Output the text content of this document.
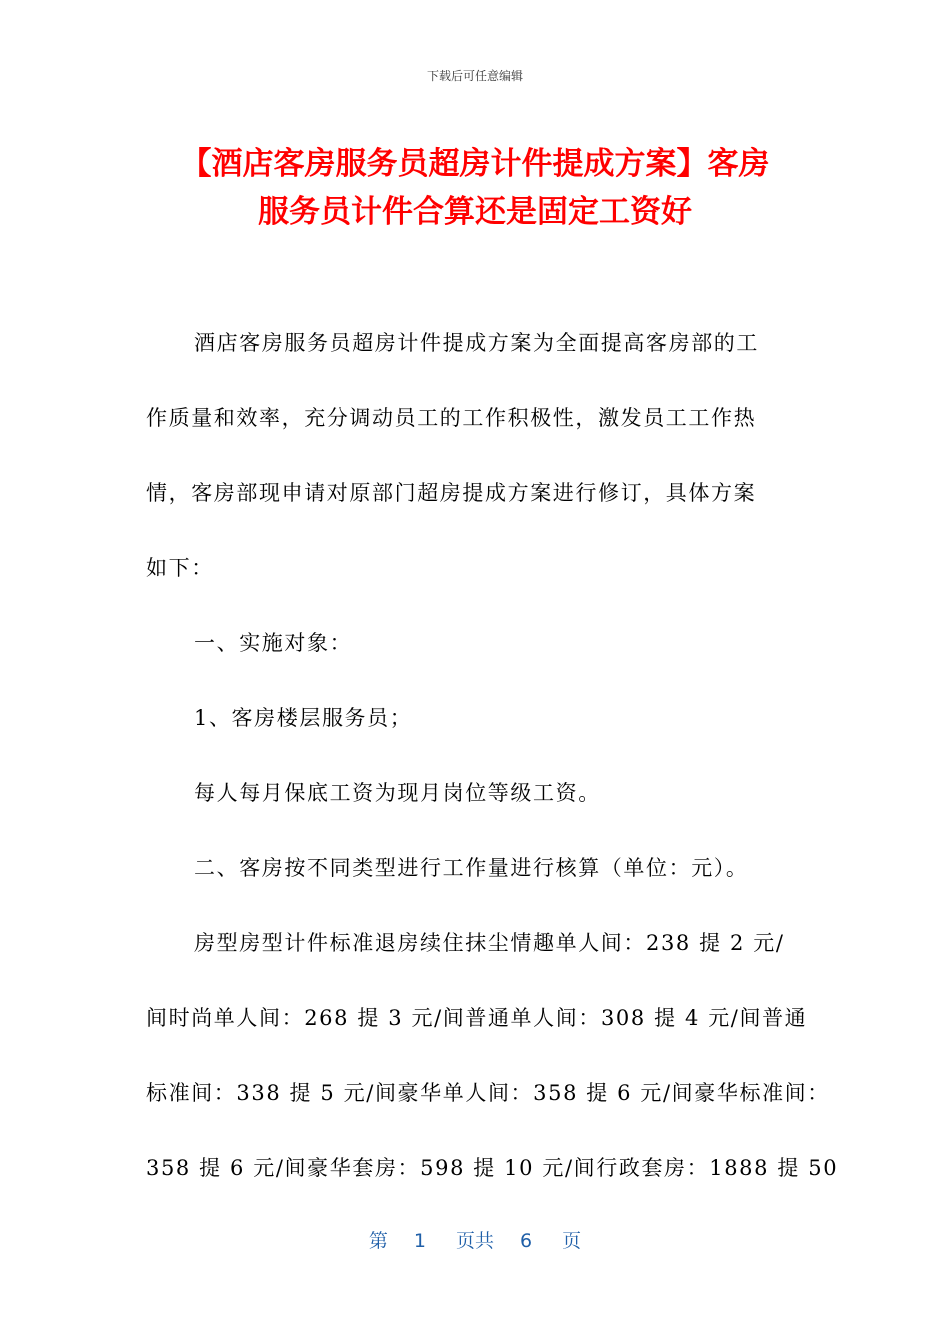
下载后可任意编辑
【酒店客房服务员超房计件提成方案】客房
服务员计件合算还是固定工资好

酒店客房服务员超房计件提成方案为全面提高客房部的工

作质量和效率，充分调动员工的工作积极性，激发员工工作热

情，客房部现申请对原部门超房提成方案进行修订，具体方案

如下：

一、实施对象：

1、客房楼层服务员；

每人每月保底工资为现月岗位等级工资。

二、客房按不同类型进行工作量进行核算（单位：元）。

房型房型计件标准退房续住抹尘情趣单人间：238 提 2 元/

间时尚单人间：268 提 3 元/间普通单人间：308 提 4 元/间普通

标准间：338 提 5 元/间豪华单人间：358 提 6 元/间豪华标准间：

358 提 6 元/间豪华套房：598 提 10 元/间行政套房：1888 提 50

第 1 页共 6 页
